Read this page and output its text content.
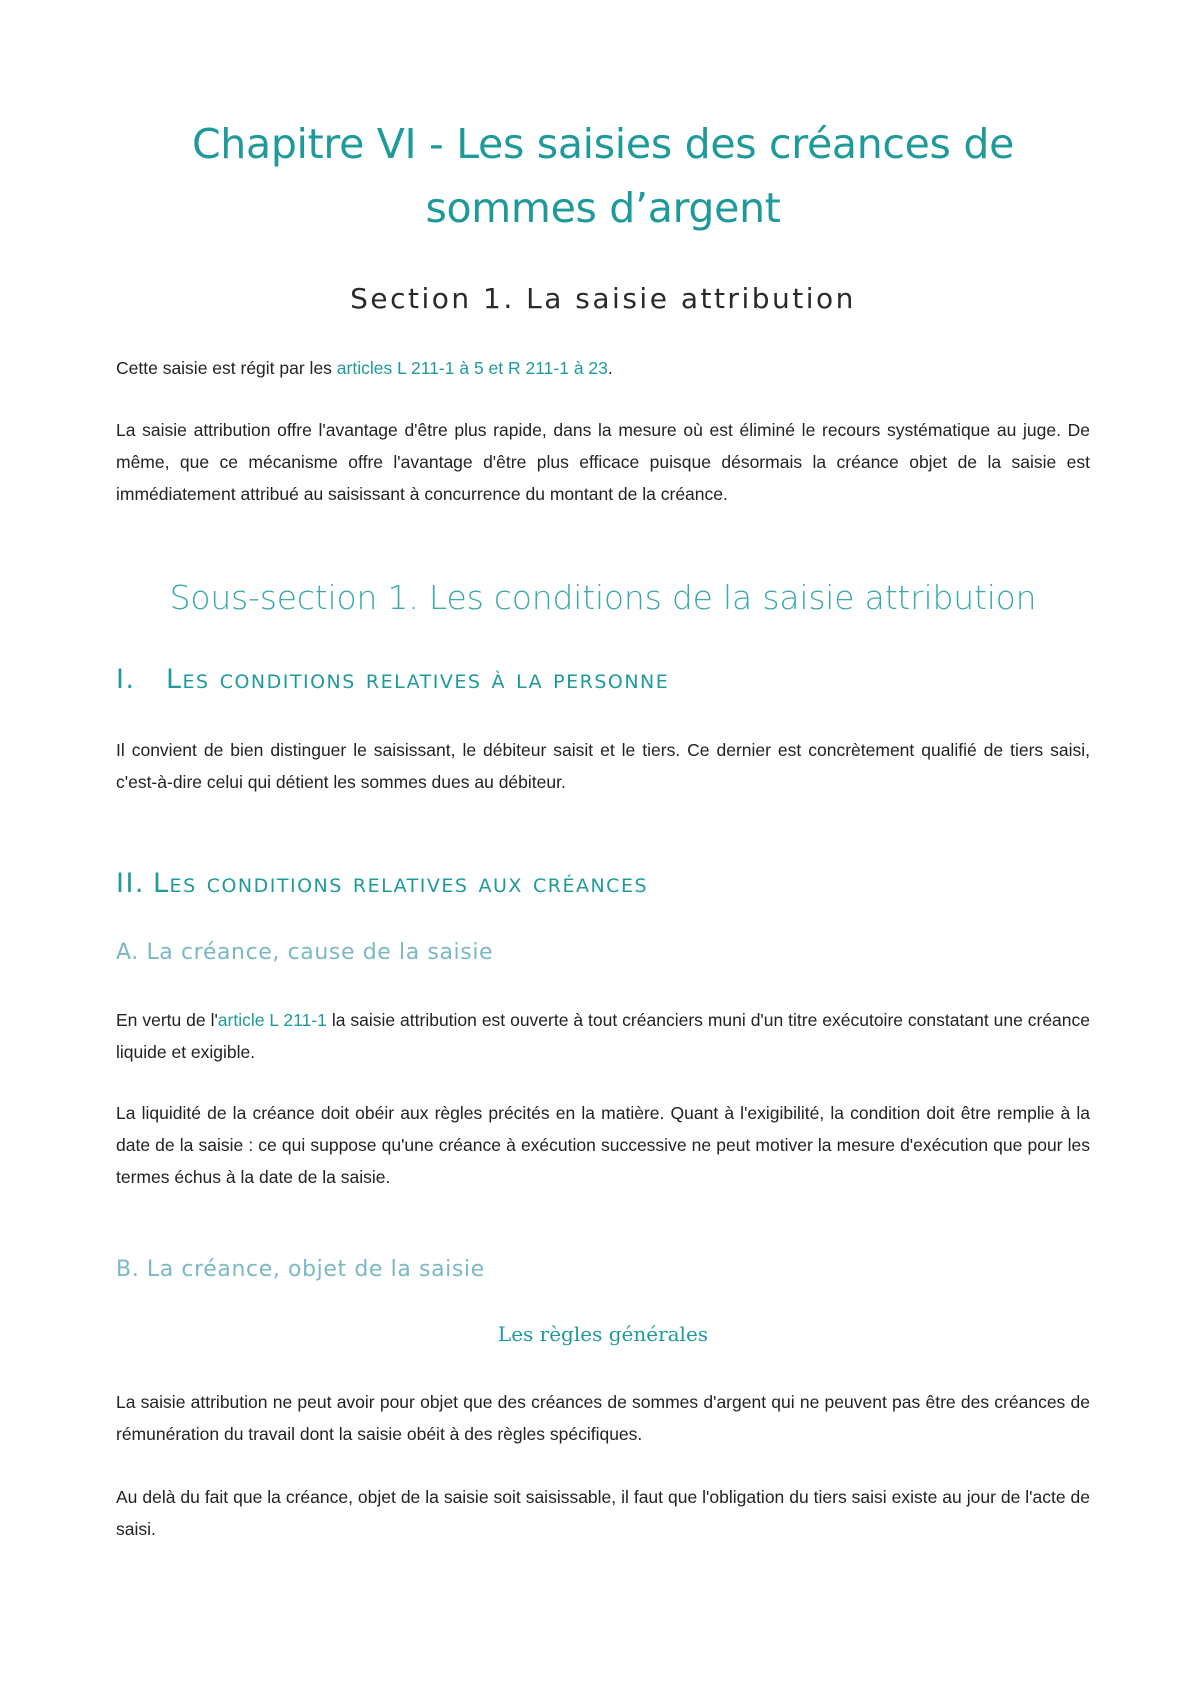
Chapitre VI - Les saisies des créances de
sommes d’argent
Section 1. La saisie attribution

Cette saisie est régit par les articles L 211-1 à 5 et R 211-1 à 23.

La saisie attribution offre l'avantage d'être plus rapide, dans la mesure où est éliminé le recours systématique au juge. De même, que ce mécanisme offre l'avantage d'être plus efficace puisque désormais la créance objet de la saisie est immédiatement attribué au saisissant à concurrence du montant de la créance.

Sous-section 1. Les conditions de la saisie attribution
I. Les conditions relatives à la personne

Il convient de bien distinguer le saisissant, le débiteur saisit et le tiers. Ce dernier est concrètement qualifié de tiers saisi, c'est-à-dire celui qui détient les sommes dues au débiteur.

II. Les conditions relatives aux créances
A. La créance, cause de la saisie

En vertu de l'article L 211-1 la saisie attribution est ouverte à tout créanciers muni d'un titre exécutoire constatant une créance liquide et exigible.

La liquidité de la créance doit obéir aux règles précités en la matière. Quant à l'exigibilité, la condition doit être remplie à la date de la saisie : ce qui suppose qu'une créance à exécution successive ne peut motiver la mesure d'exécution que pour les termes échus à la date de la saisie.

B. La créance, objet de la saisie
Les règles générales

La saisie attribution ne peut avoir pour objet que des créances de sommes d'argent qui ne peuvent pas être des créances de rémunération du travail dont la saisie obéit à des règles spécifiques.

Au delà du fait que la créance, objet de la saisie soit saisissable, il faut que l'obligation du tiers saisi existe au jour de l'acte de saisi.
